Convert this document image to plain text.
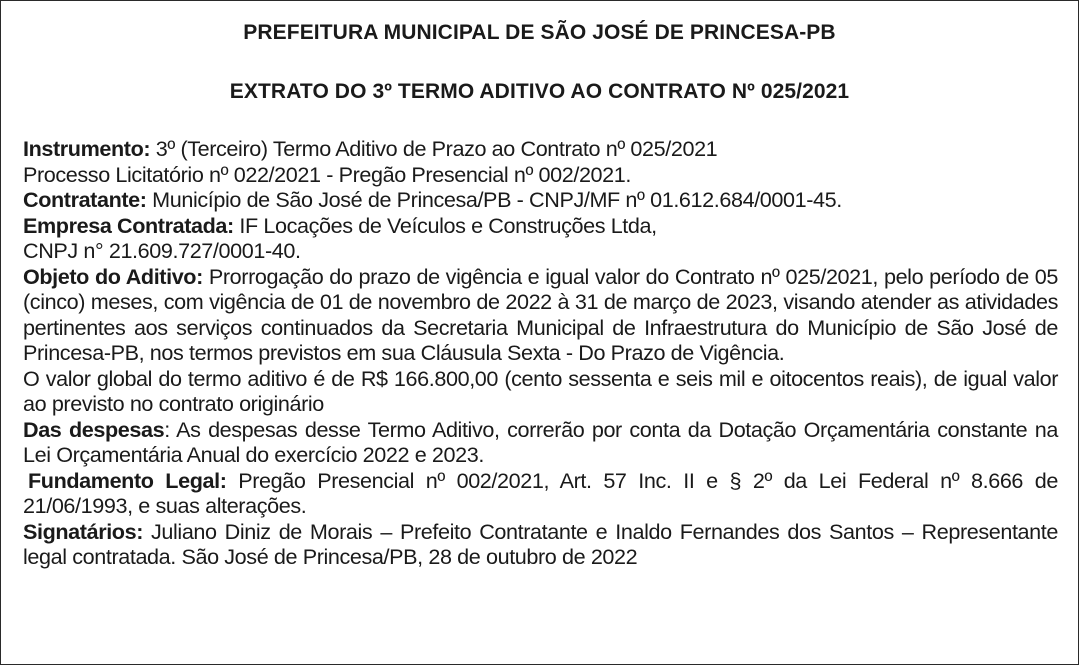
PREFEITURA MUNICIPAL DE SÃO JOSÉ DE PRINCESA-PB
EXTRATO DO 3º TERMO ADITIVO AO CONTRATO Nº 025/2021

Instrumento: 3º (Terceiro) Termo Aditivo de Prazo ao Contrato nº 025/2021

Processo Licitatório nº 022/2021 - Pregão Presencial nº 002/2021.

Contratante: Município de São José de Princesa/PB - CNPJ/MF nº 01.612.684/0001-45.

Empresa Contratada: IF Locações de Veículos e Construções Ltda,

CNPJ n° 21.609.727/0001-40.

Objeto do Aditivo: Prorrogação do prazo de vigência e igual valor do Contrato nº 025/2021, pelo período de 05 (cinco) meses, com vigência de 01 de novembro de 2022 à 31 de março de 2023, visando atender as atividades pertinentes aos serviços continuados da Secretaria Municipal de Infraestrutura do Município de São José de Princesa-PB, nos termos previstos em sua Cláusula Sexta - Do Prazo de Vigência.

O valor global do termo aditivo é de R$ 166.800,00 (cento sessenta e seis mil e oitocentos reais), de igual valor ao previsto no contrato originário

Das despesas: As despesas desse Termo Aditivo, correrão por conta da Dotação Orçamentária constante na Lei Orçamentária Anual do exercício 2022 e 2023.

Fundamento Legal: Pregão Presencial nº 002/2021, Art. 57 Inc. II e § 2º da Lei Federal nº 8.666 de 21/06/1993, e suas alterações.

Signatários: Juliano Diniz de Morais – Prefeito Contratante e Inaldo Fernandes dos Santos – Representante legal contratada. São José de Princesa/PB, 28 de outubro de 2022
